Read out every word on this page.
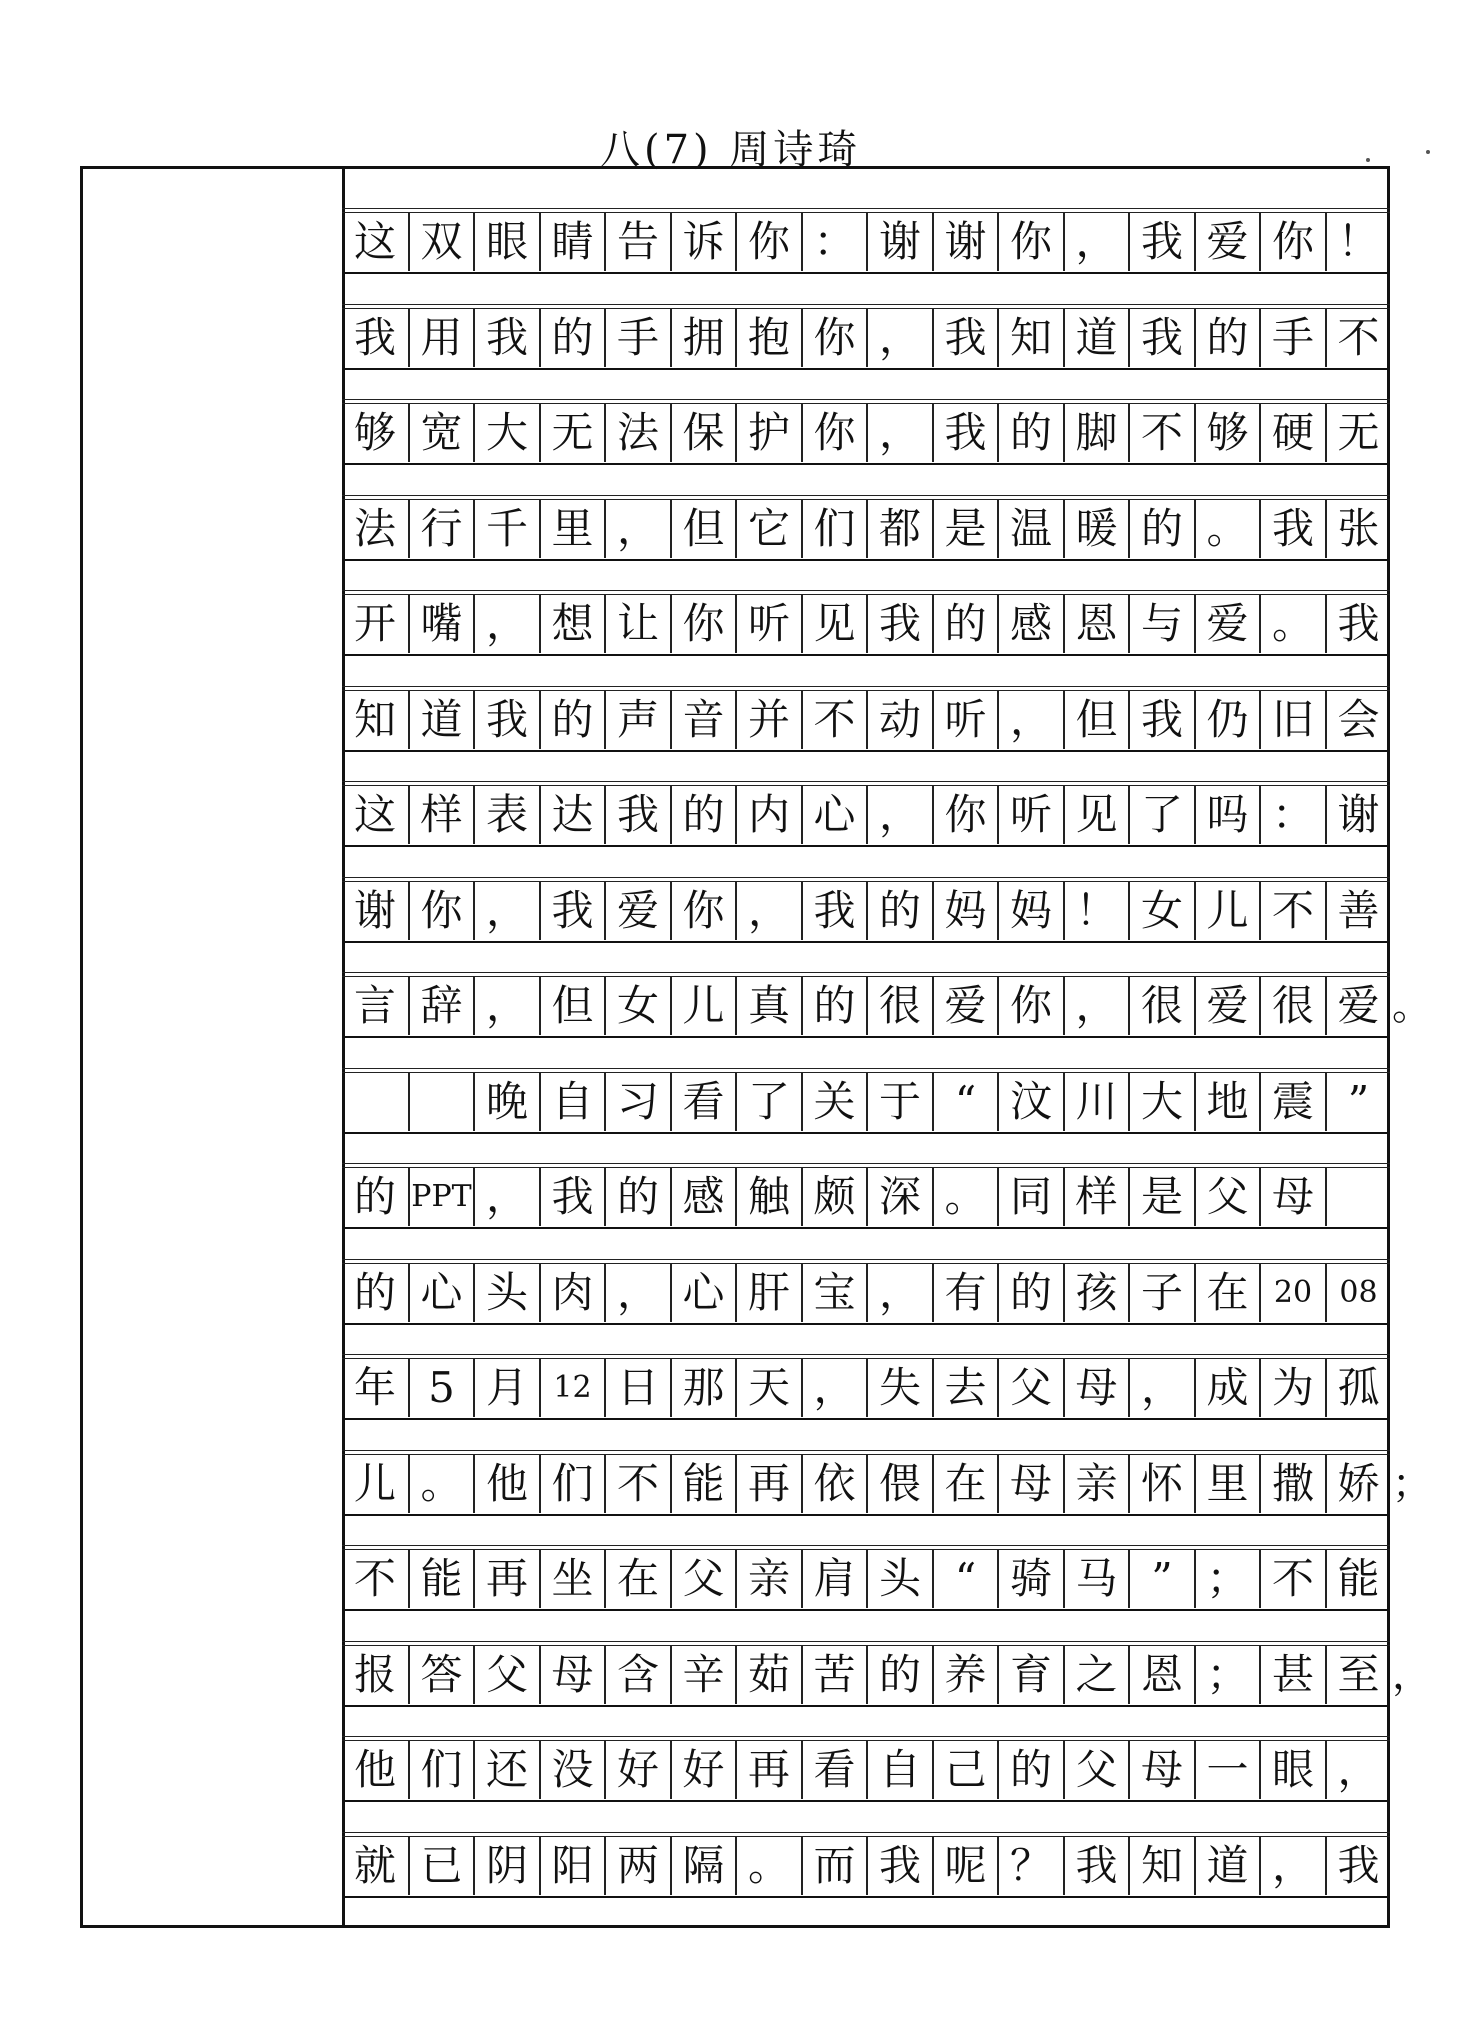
八(7) 周诗琦
这 双 眼 睛 告 诉 你 ： 谢 谢 你 ， 我 爱 你 ！
我 用 我 的 手 拥 抱 你 ， 我 知 道 我 的 手 不
够 宽 大 无 法 保 护 你 ， 我 的 脚 不 够 硬 无
法 行 千 里 ， 但 它 们 都 是 温 暖 的 。 我 张
开 嘴 ， 想 让 你 听 见 我 的 感 恩 与 爱 。 我
知 道 我 的 声 音 并 不 动 听 ， 但 我 仍 旧 会
这 样 表 达 我 的 内 心 ， 你 听 见 了 吗 ： 谢
谢 你 ， 我 爱 你 ， 我 的 妈 妈 ！ 女 儿 不 善
言 辞 ， 但 女 儿 真 的 很 爱 你 ， 很 爱 很 爱 。
晚 自 习 看 了 关 于 “ 汶 川 大 地 震 ”
的 PPT ， 我 的 感 触 颇 深 。 同 样 是 父 母
的 心 头 肉 ， 心 肝 宝 ， 有 的 孩 子 在 20 08
年 5 月 12 日 那 天 ， 失 去 父 母 ， 成 为 孤
儿 。 他 们 不 能 再 依 偎 在 母 亲 怀 里 撒 娇 ；
不 能 再 坐 在 父 亲 肩 头 “ 骑 马 ” ； 不 能
报 答 父 母 含 辛 茹 苦 的 养 育 之 恩 ； 甚 至 ，
他 们 还 没 好 好 再 看 自 己 的 父 母 一 眼 ，
就 已 阴 阳 两 隔 。 而 我 呢 ？ 我 知 道 ， 我
